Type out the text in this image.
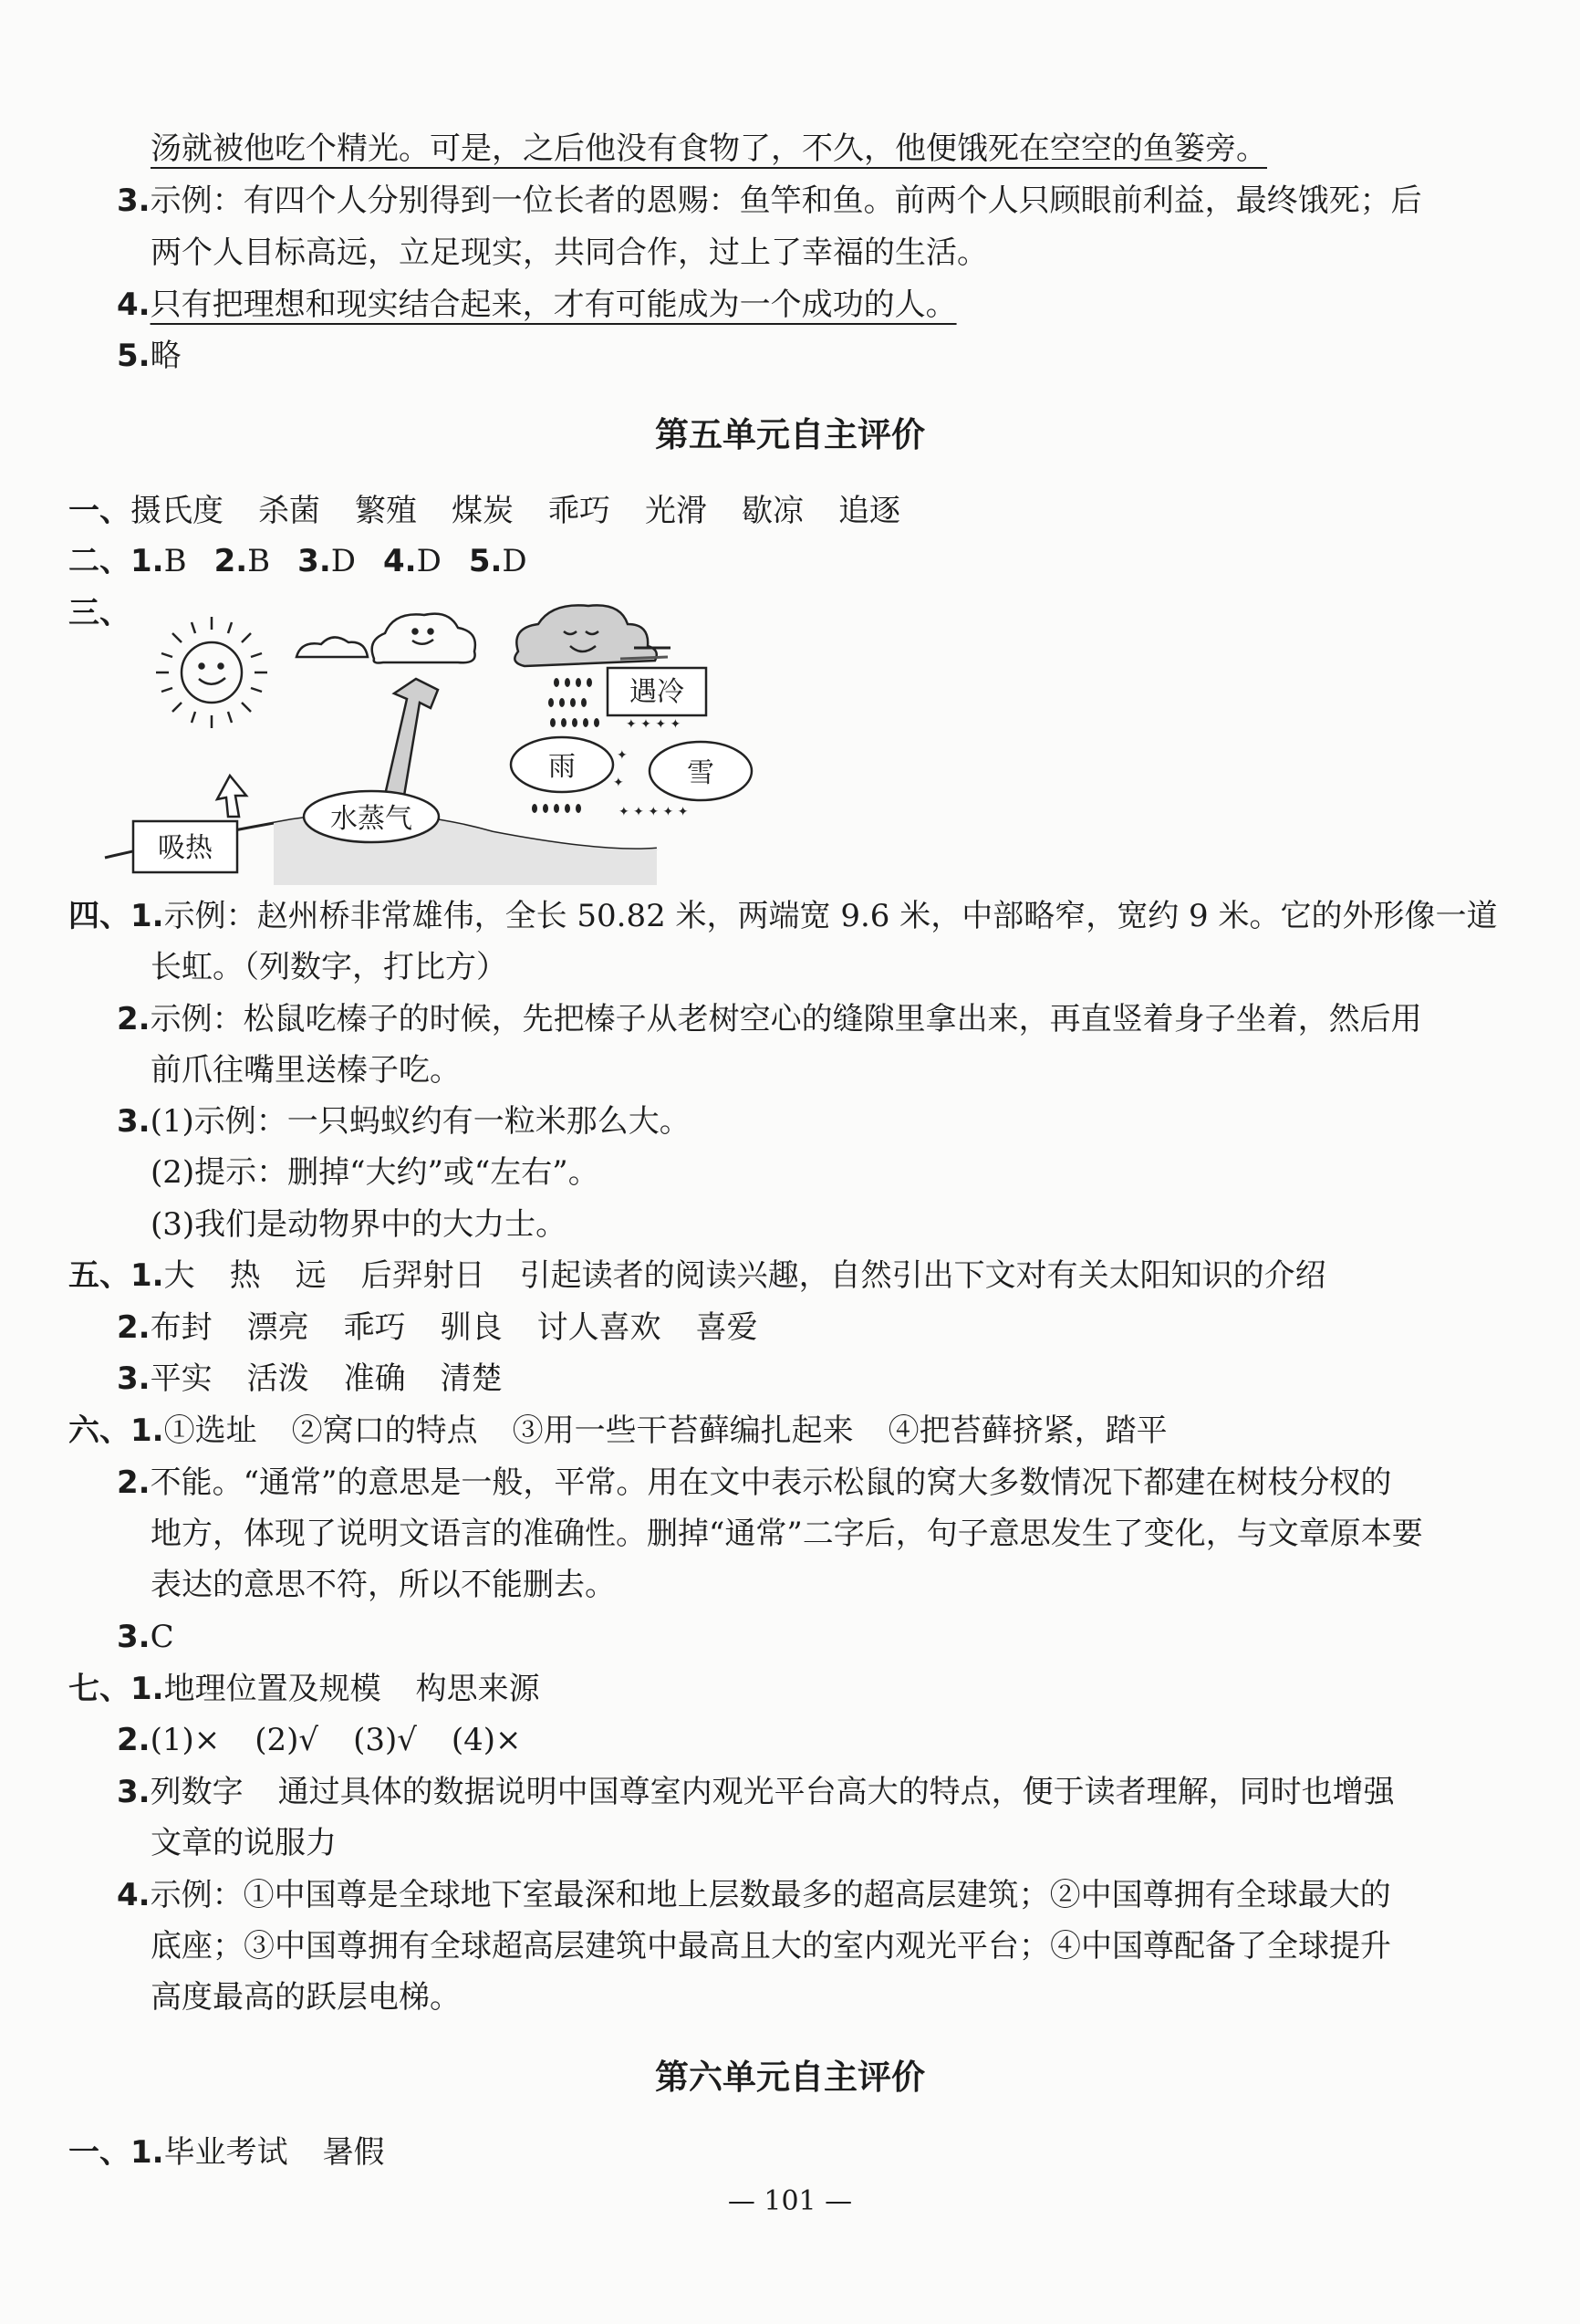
汤就被他吃个精光。可是，之后他没有食物了，不久，他便饿死在空空的鱼篓旁。
3.示例：有四个人分别得到一位长者的恩赐：鱼竿和鱼。前两个人只顾眼前利益，最终饿死；后
两个人目标高远，立足现实，共同合作，过上了幸福的生活。
4.只有把理想和现实结合起来，才有可能成为一个成功的人。
5.略
第五单元自主评价
一、摄氏度 杀菌 繁殖 煤炭 乖巧 光滑 歇凉 追逐
二、1.B 2.B 3.D 4.D 5.D
三、
✦ ✦ ✦ ✦
✦
✦
✦ ✦ ✦ ✦ ✦
遇冷
雨	雪
水蒸气
吸热
四、1.示例：赵州桥非常雄伟，全长 50.82 米，两端宽 9.6 米，中部略窄，宽约 9 米。它的外形像一道
长虹。（列数字，打比方）
2.示例：松鼠吃榛子的时候，先把榛子从老树空心的缝隙里拿出来，再直竖着身子坐着，然后用
前爪往嘴里送榛子吃。
3.(1)示例：一只蚂蚁约有一粒米那么大。
(2)提示：删掉“大约”或“左右”。
(3)我们是动物界中的大力士。
五、1.大 热 远 后羿射日 引起读者的阅读兴趣，自然引出下文对有关太阳知识的介绍
2.布封 漂亮 乖巧 驯良 讨人喜欢 喜爱
3.平实 活泼 准确 清楚
六、1.①选址 ②窝口的特点 ③用一些干苔藓编扎起来 ④把苔藓挤紧，踏平
2.不能。“通常”的意思是一般，平常。用在文中表示松鼠的窝大多数情况下都建在树枝分杈的
地方，体现了说明文语言的准确性。删掉“通常”二字后，句子意思发生了变化，与文章原本要
表达的意思不符，所以不能删去。
3.C
七、1.地理位置及规模 构思来源
2.(1)× (2)√ (3)√ (4)×
3.列数字 通过具体的数据说明中国尊室内观光平台高大的特点，便于读者理解，同时也增强
文章的说服力
4.示例：①中国尊是全球地下室最深和地上层数最多的超高层建筑；②中国尊拥有全球最大的
底座；③中国尊拥有全球超高层建筑中最高且大的室内观光平台；④中国尊配备了全球提升
高度最高的跃层电梯。
第六单元自主评价
一、1.毕业考试 暑假
— 101 —
